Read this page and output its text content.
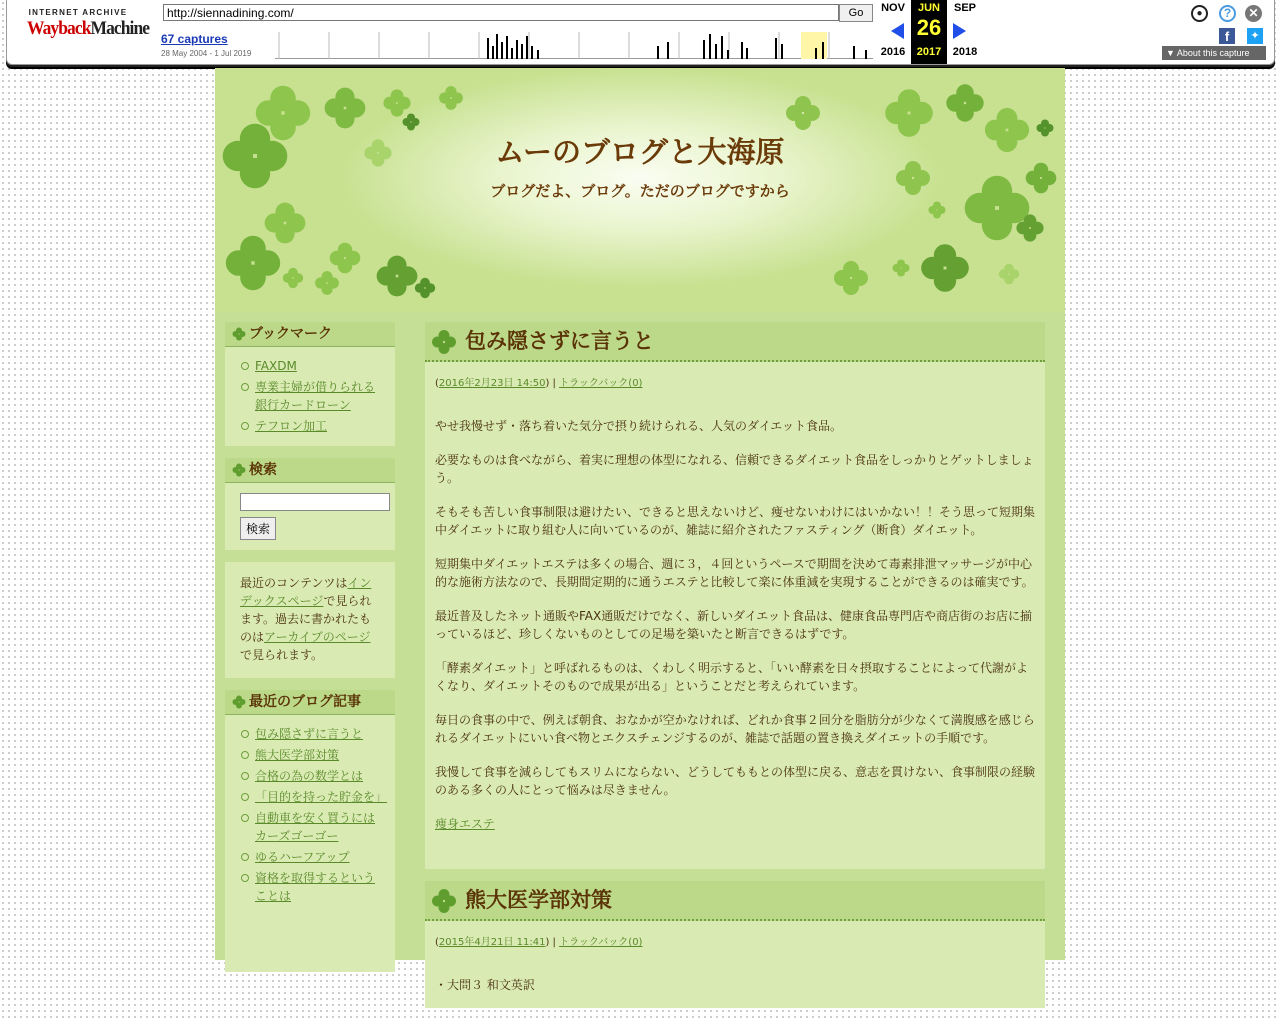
INTERNET ARCHIVE
WaybackMachine
http://siennadining.com/
Go
67 captures
28 May 2004 - 1 Jul 2019
NOV
2016
JUN
26
2017
SEP
2018
●	?	✕
f	✦
▼ About this capture
ムーのブログと大海原
ブログだよ、ブログ。ただのブログですから
ブックマーク
FAXDM
専業主婦が借りられる銀行カードローン
テフロン加工
検索
検索
最近のコンテンツはインデックスページで見られます。過去に書かれたものはアーカイブのページで見られます。
最近のブログ記事
包み隠さずに言うと
熊大医学部対策
合格の為の数学とは
「目的を持った貯金を」
自動車を安く買うにはカーズゴーゴー
ゆるハーフアップ
資格を取得するということは
包み隠さずに言うと
(2016年2月23日 14:50) | トラックバック(0)

やせ我慢せず・落ち着いた気分で摂り続けられる、人気のダイエット食品。

必要なものは食べながら、着実に理想の体型になれる、信頼できるダイエット食品をしっかりとゲットしましょう。

そもそも苦しい食事制限は避けたい、できると思えないけど、痩せないわけにはいかない！！そう思って短期集中ダイエットに取り組む人に向いているのが、雑誌に紹介されたファスティング（断食）ダイエット。

短期集中ダイエットエステは多くの場合、週に３，４回というペースで期間を決めて毒素排泄マッサージが中心的な施術方法なので、長期間定期的に通うエステと比較して楽に体重減を実現することができるのは確実です。

最近普及したネット通販やFAX通販だけでなく、新しいダイエット食品は、健康食品専門店や商店街のお店に揃っているほど、珍しくないものとしての足場を築いたと断言できるはずです。

「酵素ダイエット」と呼ばれるものは、くわしく明示すると、「いい酵素を日々摂取することによって代謝がよくなり、ダイエットそのもので成果が出る」ということだと考えられています。

毎日の食事の中で、例えば朝食、おなかが空かなければ、どれか食事２回分を脂肪分が少なくて満腹感を感じられるダイエットにいい食べ物とエクスチェンジするのが、雑誌で話題の置き換えダイエットの手順です。

我慢して食事を減らしてもスリムにならない、どうしてももとの体型に戻る、意志を貫けない、食事制限の経験のある多くの人にとって悩みは尽きません。

痩身エステ

熊大医学部対策
(2015年4月21日 11:41) | トラックバック(0)

・大問３ 和文英訳
